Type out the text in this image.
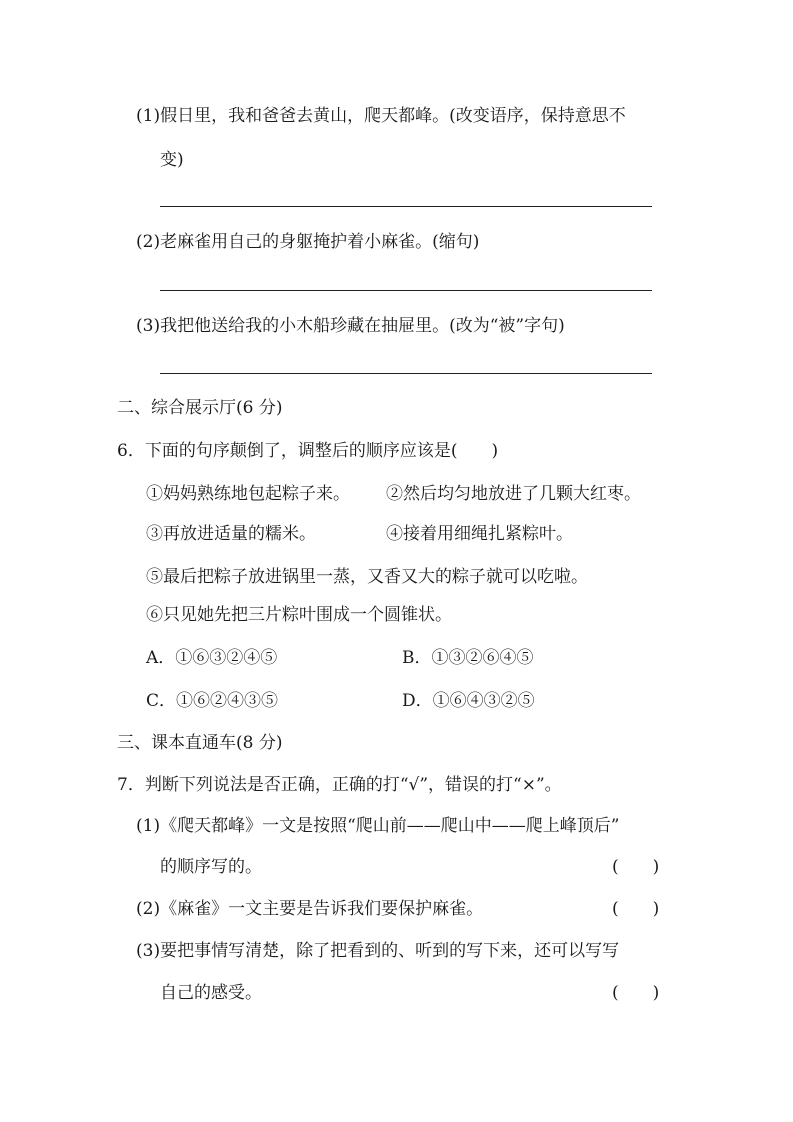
(1)假日里，我和爸爸去黄山，爬天都峰。(改变语序，保持意思不
变)
(2)老麻雀用自己的身躯掩护着小麻雀。(缩句)
(3)我把他送给我的小木船珍藏在抽屉里。(改为“被”字句)
二、综合展示厅(6 分)
6．下面的句序颠倒了，调整后的顺序应该是(　　)
①妈妈熟练地包起粽子来。 ②然后均匀地放进了几颗大红枣。
③再放进适量的糯米。	④接着用细绳扎紧粽叶。
⑤最后把粽子放进锅里一蒸，又香又大的粽子就可以吃啦。
⑥只见她先把三片粽叶围成一个圆锥状。
A．①⑥③②④⑤	B．①③②⑥④⑤
C．①⑥②④③⑤	D．①⑥④③②⑤
三、课本直通车(8 分)
7．判断下列说法是否正确，正确的打“√”，错误的打“×”。
(1)《爬天都峰》一文是按照“爬山前——爬山中——爬上峰顶后”
的顺序写的。	(　　)
(2)《麻雀》一文主要是告诉我们要保护麻雀。	(　　)
(3)要把事情写清楚，除了把看到的、听到的写下来，还可以写写
自己的感受。	(　　)
